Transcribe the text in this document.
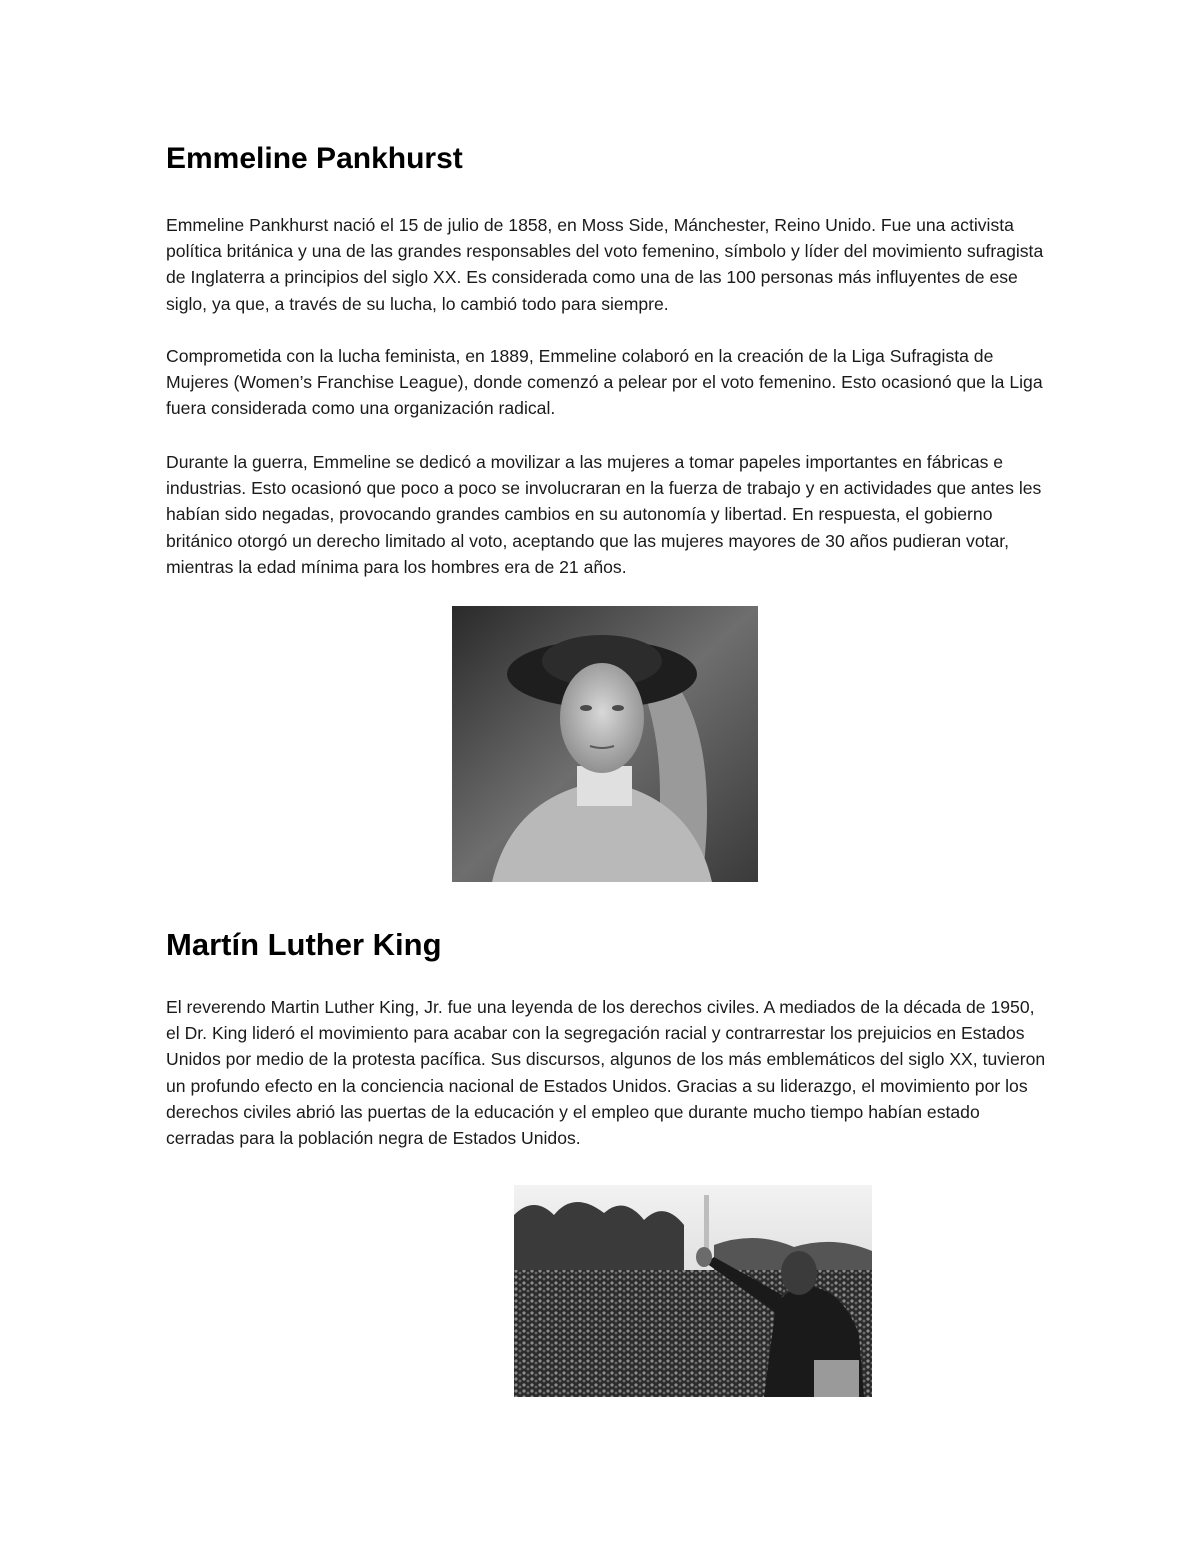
Emmeline Pankhurst

Emmeline Pankhurst nació el 15 de julio de 1858, en Moss Side, Mánchester, Reino Unido. Fue una activista política británica y una de las grandes responsables del voto femenino, símbolo y líder del movimiento sufragista de Inglaterra a principios del siglo XX. Es considerada como una de las 100 personas más influyentes de ese siglo, ya que, a través de su lucha, lo cambió todo para siempre.

Comprometida con la lucha feminista, en 1889, Emmeline colaboró en la creación de la Liga Sufragista de Mujeres (Women’s Franchise League), donde comenzó a pelear por el voto femenino. Esto ocasionó que la Liga fuera considerada como una organización radical.

Durante la guerra, Emmeline se dedicó a movilizar a las mujeres a tomar papeles importantes en fábricas e industrias. Esto ocasionó que poco a poco se involucraran en la fuerza de trabajo y en actividades que antes les habían sido negadas, provocando grandes cambios en su autonomía y libertad. En respuesta, el gobierno británico otorgó un derecho limitado al voto, aceptando que las mujeres mayores de 30 años pudieran votar, mientras la edad mínima para los hombres era de 21 años.

Martín Luther King

El reverendo Martin Luther King, Jr. fue una leyenda de los derechos civiles. A mediados de la década de 1950, el Dr. King lideró el movimiento para acabar con la segregación racial y contrarrestar los prejuicios en Estados Unidos por medio de la protesta pacífica. Sus discursos, algunos de los más emblemáticos del siglo XX, tuvieron un profundo efecto en la conciencia nacional de Estados Unidos. Gracias a su liderazgo, el movimiento por los derechos civiles abrió las puertas de la educación y el empleo que durante mucho tiempo habían estado cerradas para la población negra de Estados Unidos.
